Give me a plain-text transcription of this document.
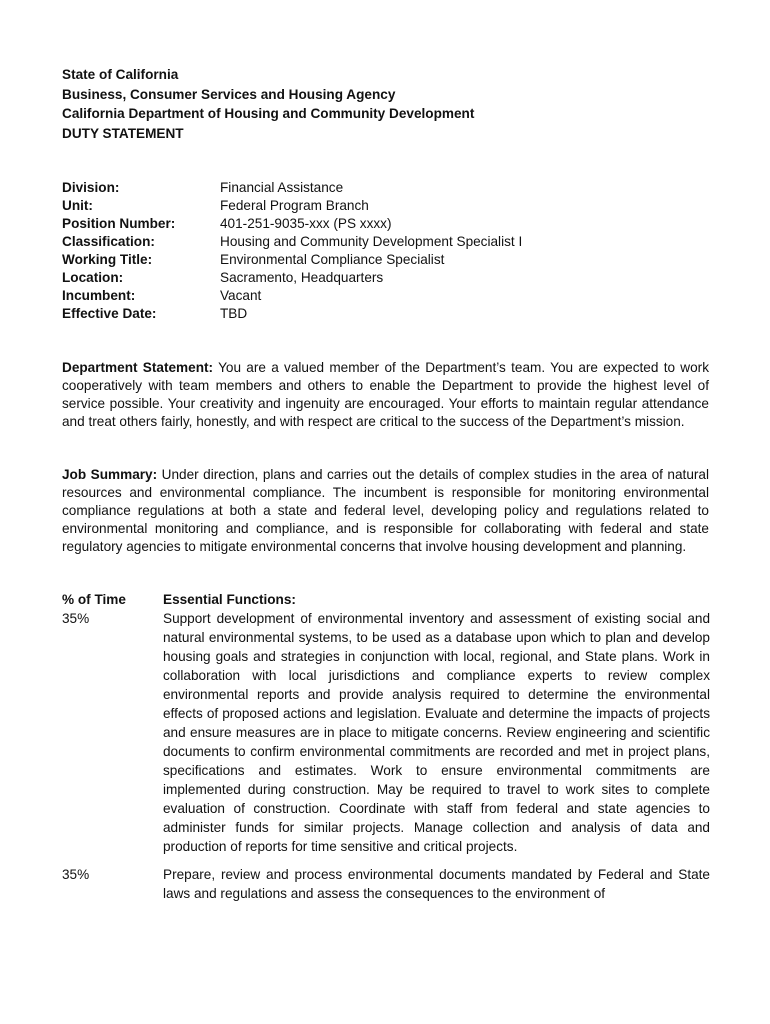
State of California
Business, Consumer Services and Housing Agency
California Department of Housing and Community Development
DUTY STATEMENT
Division:	Financial Assistance
Unit:	Federal Program Branch
Position Number:	401-251-9035-xxx (PS xxxx)
Classification:	Housing and Community Development Specialist I
Working Title:	Environmental Compliance Specialist
Location:	Sacramento, Headquarters
Incumbent:	Vacant
Effective Date:	TBD

Department Statement: You are a valued member of the Department’s team. You are expected to work cooperatively with team members and others to enable the Department to provide the highest level of service possible. Your creativity and ingenuity are encouraged. Your efforts to maintain regular attendance and treat others fairly, honestly, and with respect are critical to the success of the Department’s mission.

Job Summary: Under direction, plans and carries out the details of complex studies in the area of natural resources and environmental compliance. The incumbent is responsible for monitoring environmental compliance regulations at both a state and federal level, developing policy and regulations related to environmental monitoring and compliance, and is responsible for collaborating with federal and state regulatory agencies to mitigate environmental concerns that involve housing development and planning.

% of Time	Essential Functions:
35%	Support development of environmental inventory and assessment of existing social and natural environmental systems, to be used as a database upon which to plan and develop housing goals and strategies in conjunction with local, regional, and State plans. Work in collaboration with local jurisdictions and compliance experts to review complex environmental reports and provide analysis required to determine the environmental effects of proposed actions and legislation. Evaluate and determine the impacts of projects and ensure measures are in place to mitigate concerns. Review engineering and scientific documents to confirm environmental commitments are recorded and met in project plans, specifications and estimates. Work to ensure environmental commitments are implemented during construction. May be required to travel to work sites to complete evaluation of construction. Coordinate with staff from federal and state agencies to administer funds for similar projects. Manage collection and analysis of data and production of reports for time sensitive and critical projects.
35%	Prepare, review and process environmental documents mandated by Federal and State laws and regulations and assess the consequences to the environment of
